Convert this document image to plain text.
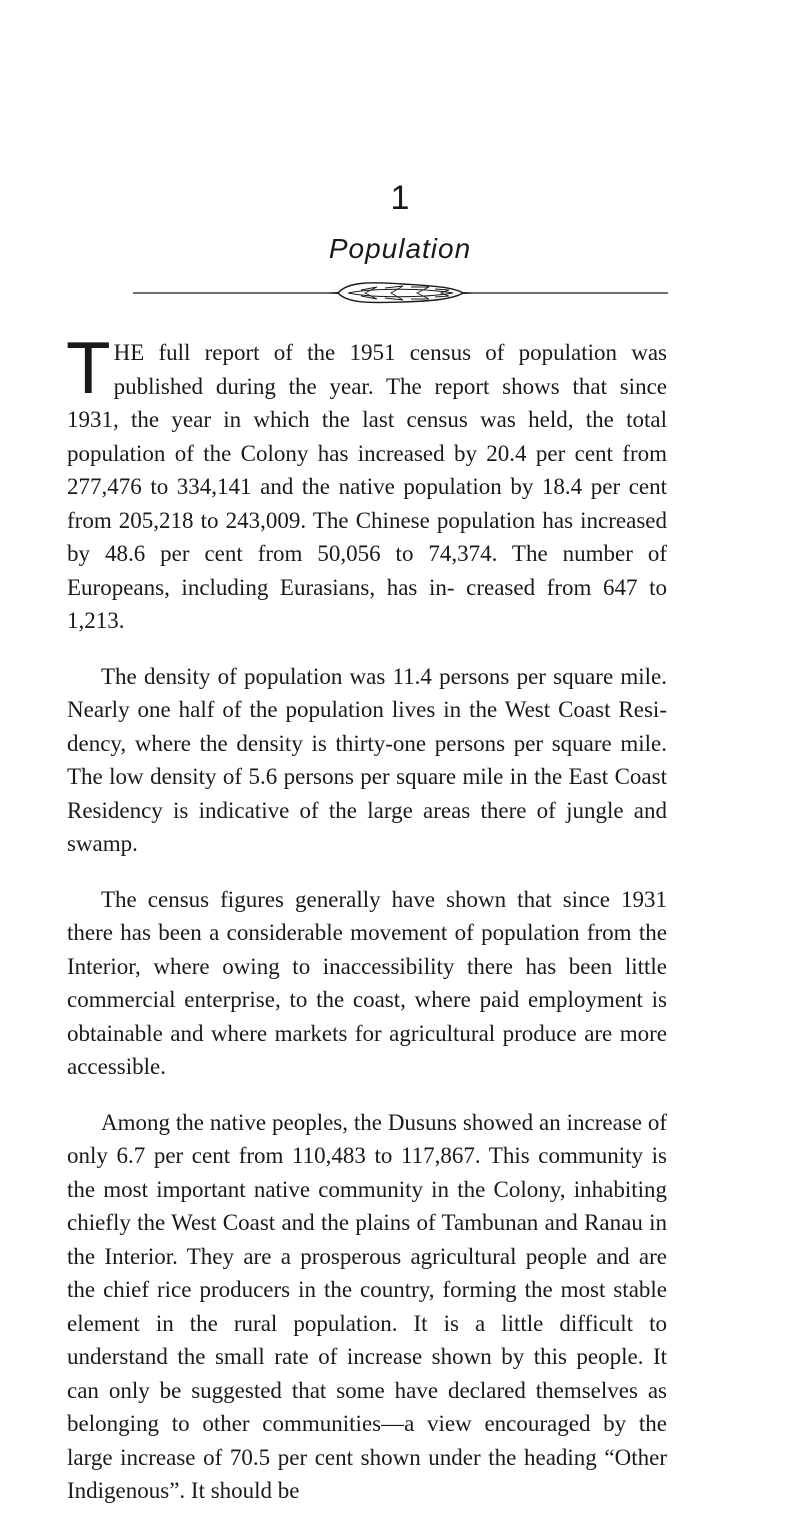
1
Population

THE full report of the 1951 census of population was published during the year. The report shows that since 1931, the year in which the last census was held, the total population of the Colony has increased by 20.4 per cent from 277,476 to 334,141 and the native population by 18.4 per cent from 205,218 to 243,009. The Chinese population has increased by 48.6 per cent from 50,056 to 74,374. The number of Europeans, including Eurasians, has in- creased from 647 to 1,213.

The density of population was 11.4 persons per square mile. Nearly one half of the population lives in the West Coast Resi- dency, where the density is thirty-one persons per square mile. The low density of 5.6 persons per square mile in the East Coast Residency is indicative of the large areas there of jungle and swamp.

The census figures generally have shown that since 1931 there has been a considerable movement of population from the Interior, where owing to inaccessibility there has been little commercial enterprise, to the coast, where paid employment is obtainable and where markets for agricultural produce are more accessible.

Among the native peoples, the Dusuns showed an increase of only 6.7 per cent from 110,483 to 117,867. This community is the most important native community in the Colony, inhabiting chiefly the West Coast and the plains of Tambunan and Ranau in the Interior. They are a prosperous agricultural people and are the chief rice producers in the country, forming the most stable element in the rural population. It is a little difficult to understand the small rate of increase shown by this people. It can only be suggested that some have declared themselves as belonging to other communities—a view encouraged by the large increase of 70.5 per cent shown under the heading “Other Indigenous”. It should be
